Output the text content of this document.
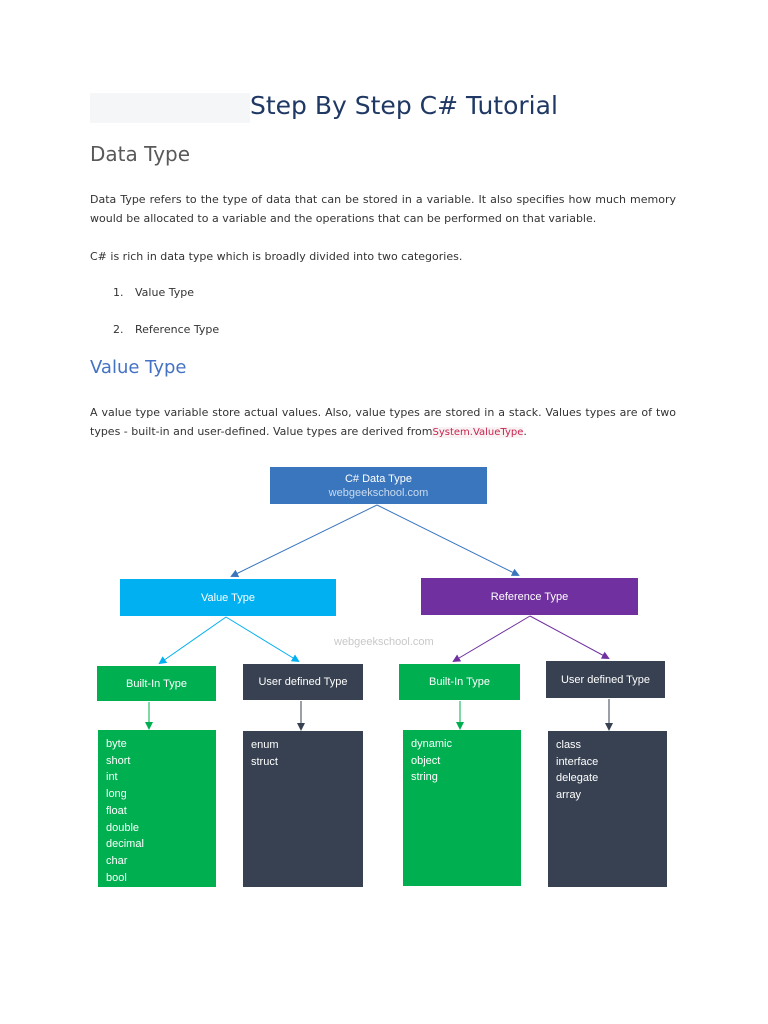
Step By Step C# Tutorial
Data Type
Data Type refers to the type of data that can be stored in a variable. It also specifies how much memory would be allocated to a variable and the operations that can be performed on that variable.
C# is rich in data type which is broadly divided into two categories.
1. Value Type
2. Reference Type
Value Type
A value type variable store actual values. Also, value types are stored in a stack. Values types are of two types - built-in and user-defined. Value types are derived fromSystem.ValueType.
C# Data Type
webgeekschool.com
Value Type	Reference Type
webgeekschool.com
Built-In Type	User defined Type	Built-In Type	User defined Type
byte
short
int
long
float
double
decimal
char
bool
enum
struct
dynamic
object
string
class
interface
delegate
array
